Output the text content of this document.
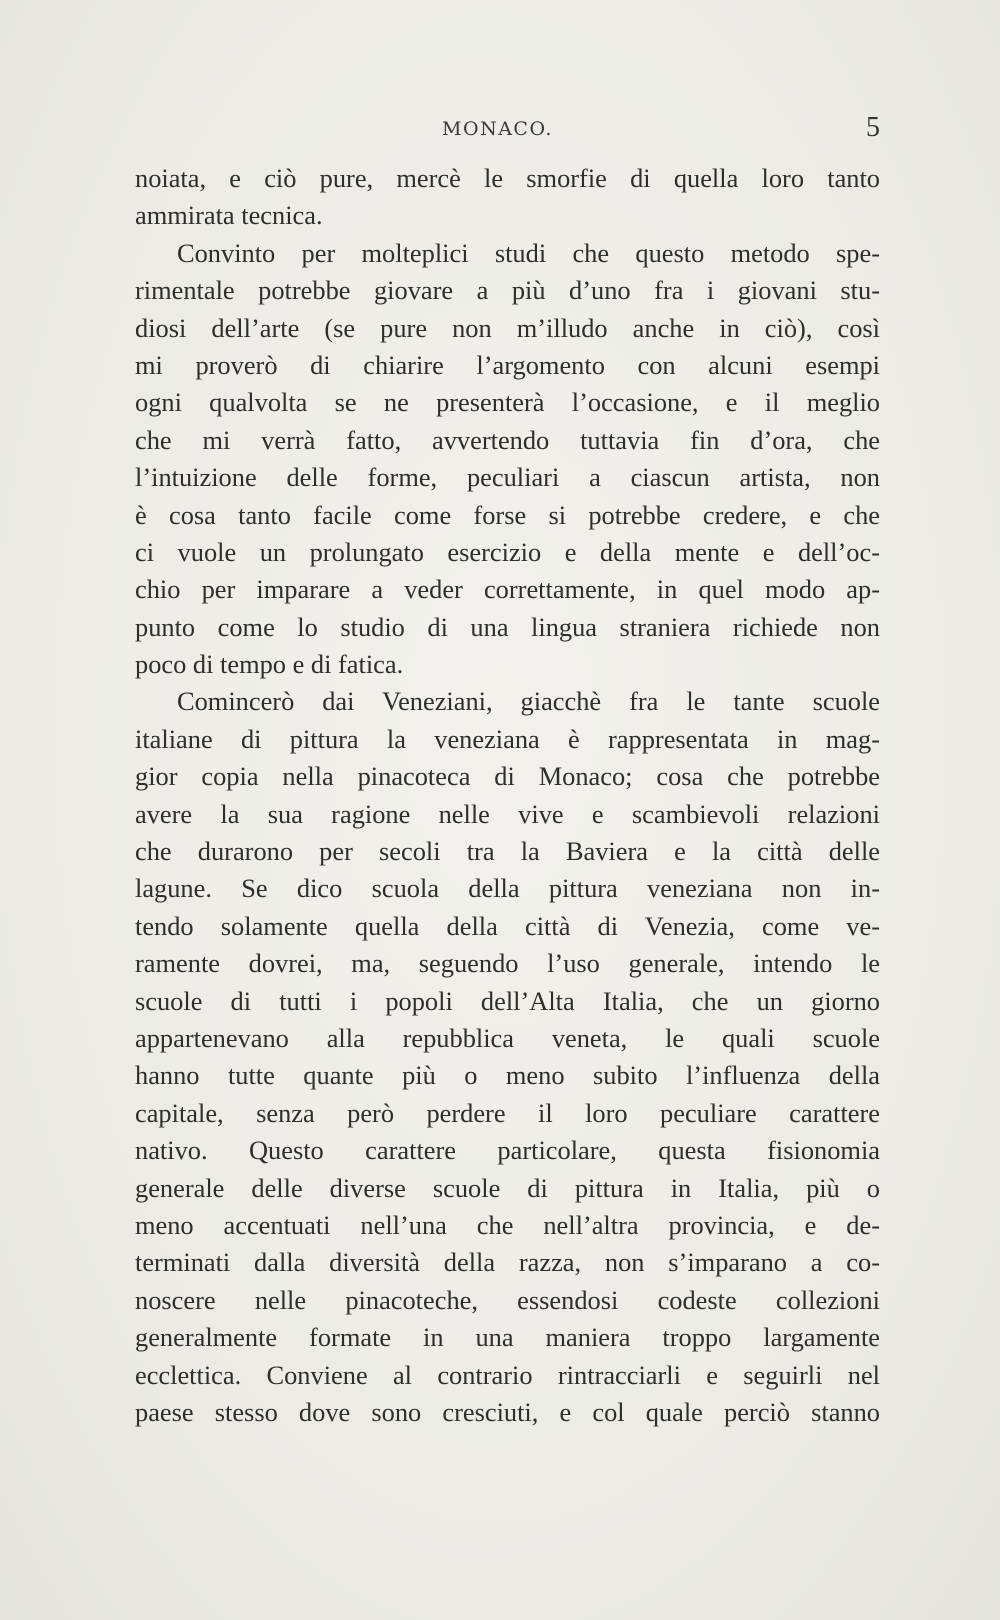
MONACO.	5
noiata, e ciò pure, mercè le smorfie di quella loro tanto
ammirata tecnica.
Convinto per molteplici studi che questo metodo spe-
rimentale potrebbe giovare a più d’uno fra i giovani stu-
diosi dell’arte (se pure non m’illudo anche in ciò), così
mi proverò di chiarire l’argomento con alcuni esempi
ogni qualvolta se ne presenterà l’occasione, e il meglio
che mi verrà fatto, avvertendo tuttavia fin d’ora, che
l’intuizione delle forme, peculiari a ciascun artista, non
è cosa tanto facile come forse si potrebbe credere, e che
ci vuole un prolungato esercizio e della mente e dell’oc-
chio per imparare a veder correttamente, in quel modo ap-
punto come lo studio di una lingua straniera richiede non
poco di tempo e di fatica.
Comincerò dai Veneziani, giacchè fra le tante scuole
italiane di pittura la veneziana è rappresentata in mag-
gior copia nella pinacoteca di Monaco; cosa che potrebbe
avere la sua ragione nelle vive e scambievoli relazioni
che durarono per secoli tra la Baviera e la città delle
lagune. Se dico scuola della pittura veneziana non in-
tendo solamente quella della città di Venezia, come ve-
ramente dovrei, ma, seguendo l’uso generale, intendo le
scuole di tutti i popoli dell’Alta Italia, che un giorno
appartenevano alla repubblica veneta, le quali scuole
hanno tutte quante più o meno subito l’influenza della
capitale, senza però perdere il loro peculiare carattere
nativo. Questo carattere particolare, questa fisionomia
generale delle diverse scuole di pittura in Italia, più o
meno accentuati nell’una che nell’altra provincia, e de-
terminati dalla diversità della razza, non s’imparano a co-
noscere nelle pinacoteche, essendosi codeste collezioni
generalmente formate in una maniera troppo largamente
ecclettica. Conviene al contrario rintracciarli e seguirli nel
paese stesso dove sono cresciuti, e col quale perciò stanno
